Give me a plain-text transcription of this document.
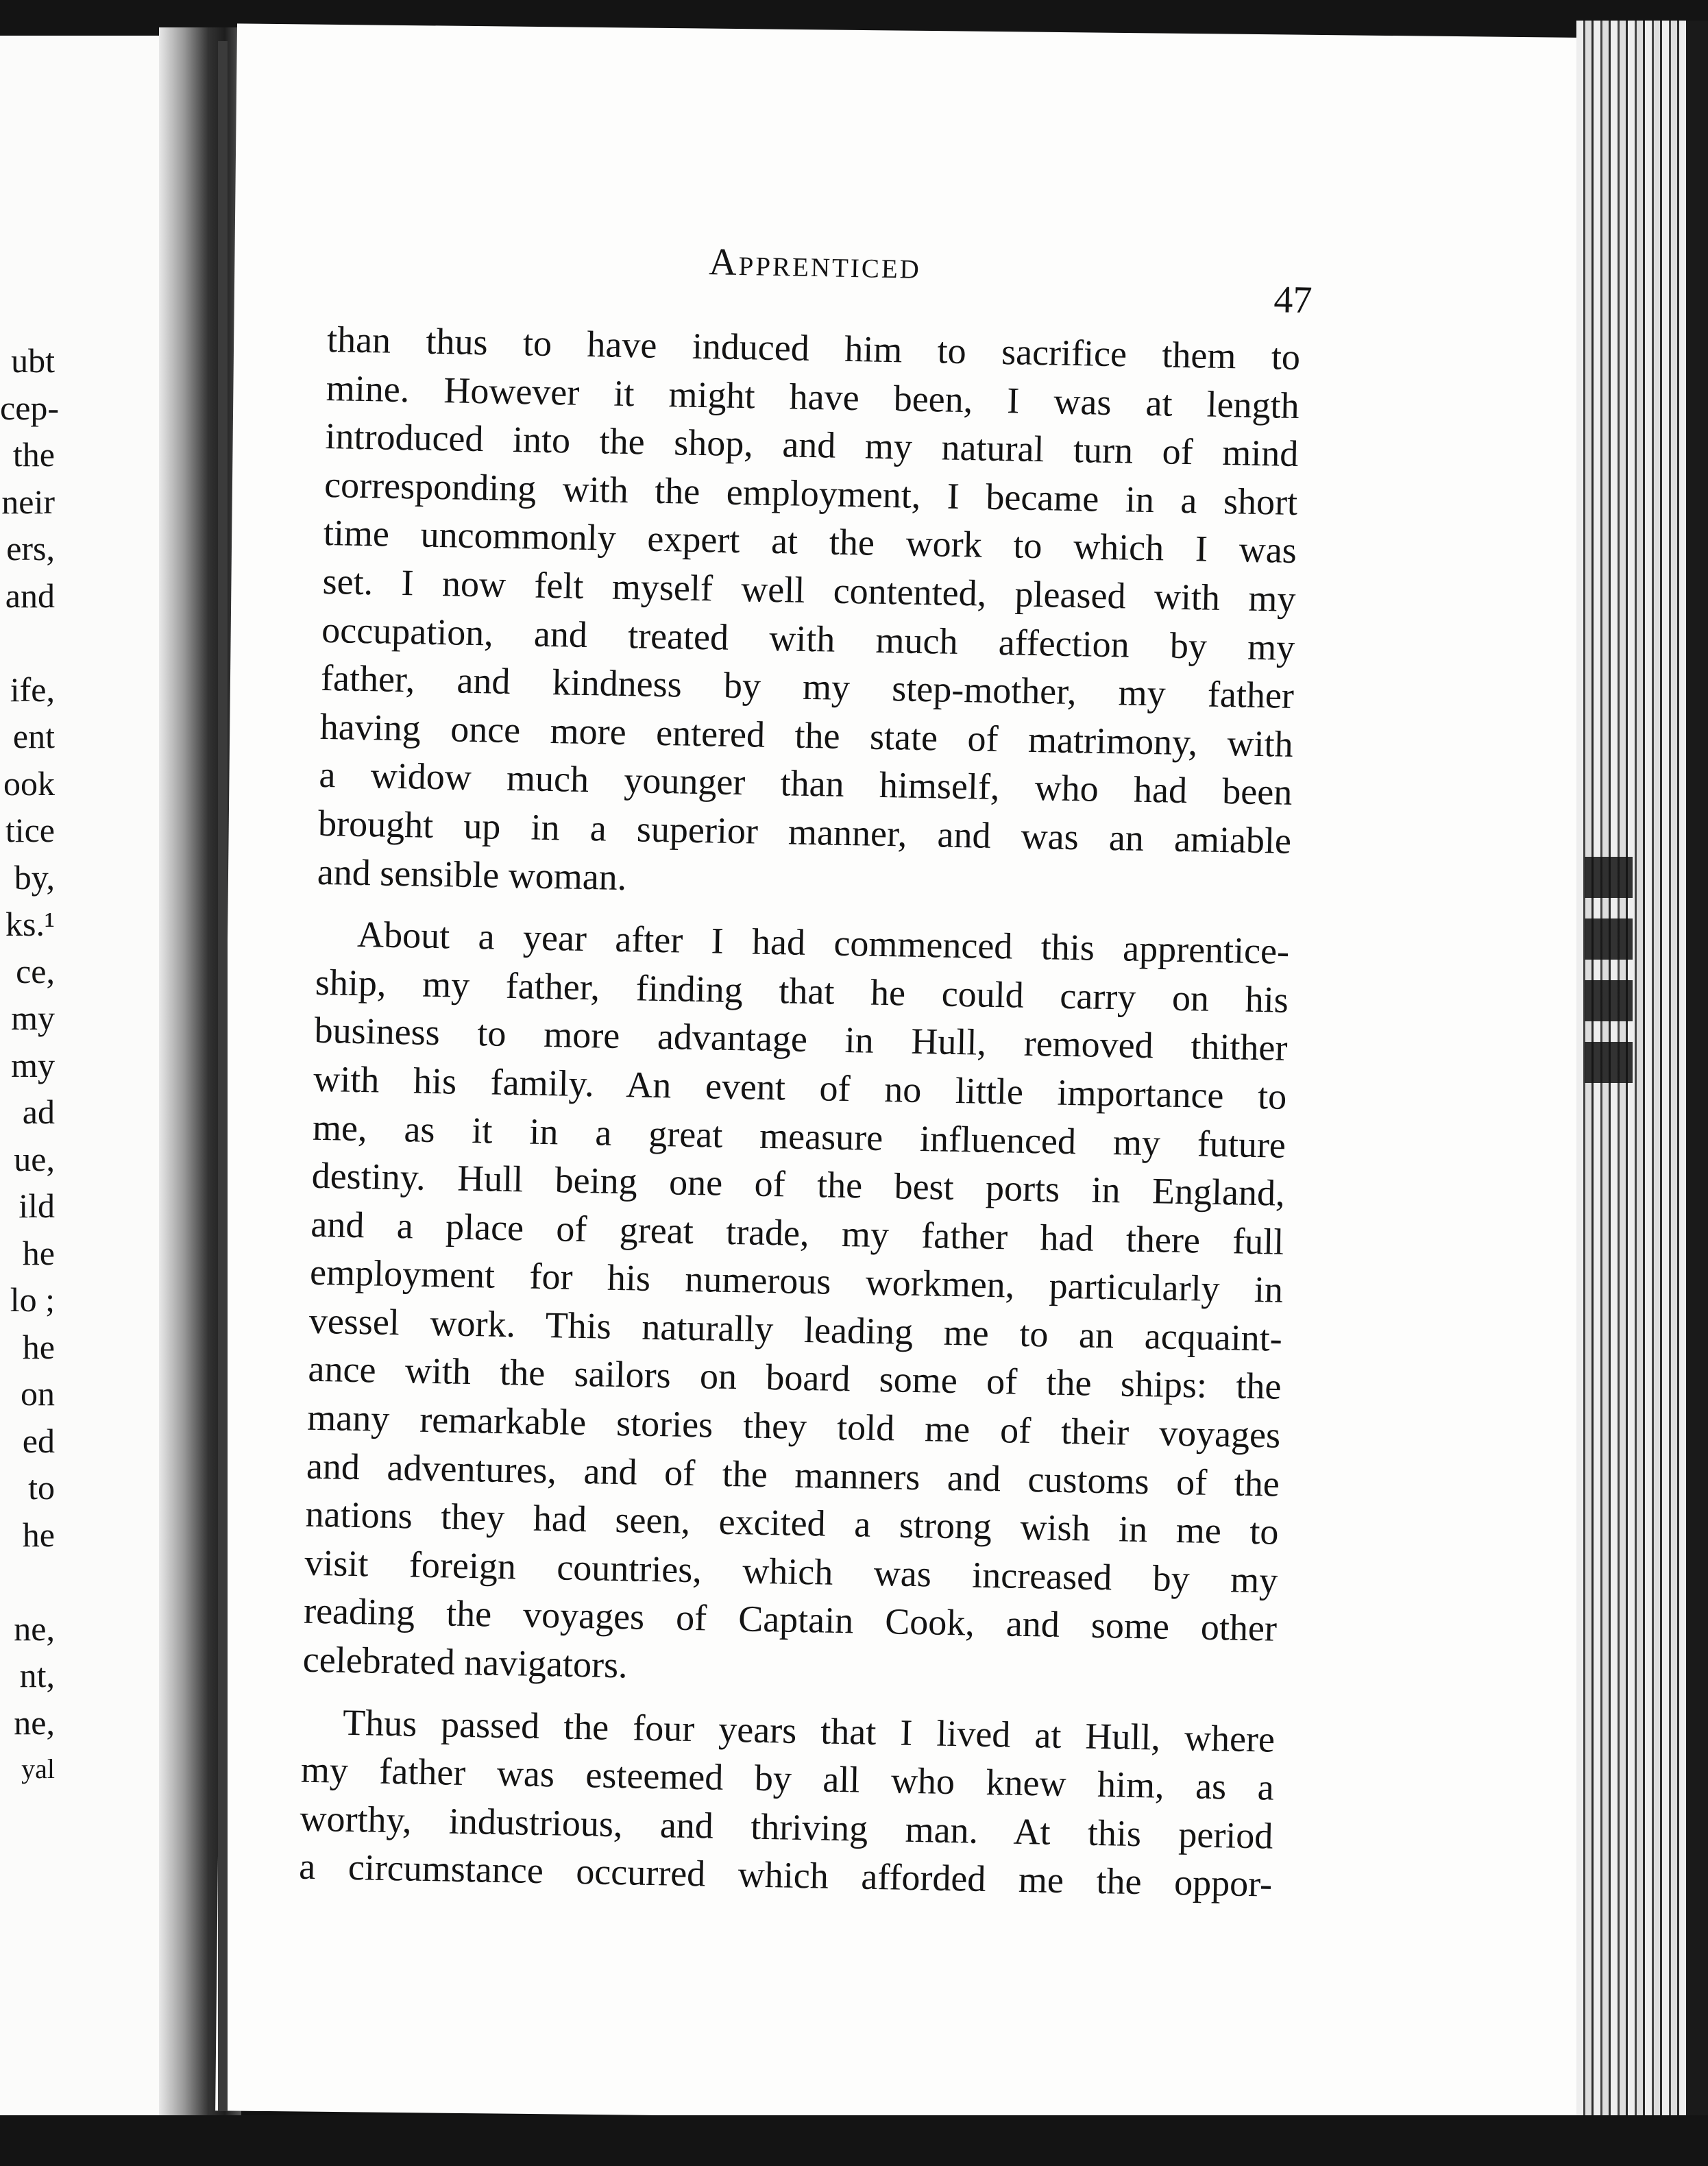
ubt
cep-
the
neir
ers,
and
ife,
ent
ook
tice
by,
ks.¹
ce,
my
my
ad
ue,
ild
he
lo ;
he
on
ed
to
he
ne,
nt,
ne,
yal
Apprenticed
47
than thus to have induced him to sacrifice them to
mine. However it might have been, I was at length
introduced into the shop, and my natural turn of mind
corresponding with the employment, I became in a short
time uncommonly expert at the work to which I was
set. I now felt myself well contented, pleased with my
occupation, and treated with much affection by my
father, and kindness by my step-mother, my father
having once more entered the state of matrimony, with
a widow much younger than himself, who had been
brought up in a superior manner, and was an amiable
and sensible woman.
About a year after I had commenced this apprentice-
ship, my father, finding that he could carry on his
business to more advantage in Hull, removed thither
with his family. An event of no little importance to
me, as it in a great measure influenced my future
destiny. Hull being one of the best ports in England,
and a place of great trade, my father had there full
employment for his numerous workmen, particularly in
vessel work. This naturally leading me to an acquaint-
ance with the sailors on board some of the ships: the
many remarkable stories they told me of their voyages
and adventures, and of the manners and customs of the
nations they had seen, excited a strong wish in me to
visit foreign countries, which was increased by my
reading the voyages of Captain Cook, and some other
celebrated navigators.
Thus passed the four years that I lived at Hull, where
my father was esteemed by all who knew him, as a
worthy, industrious, and thriving man. At this period
a circumstance occurred which afforded me the oppor-
